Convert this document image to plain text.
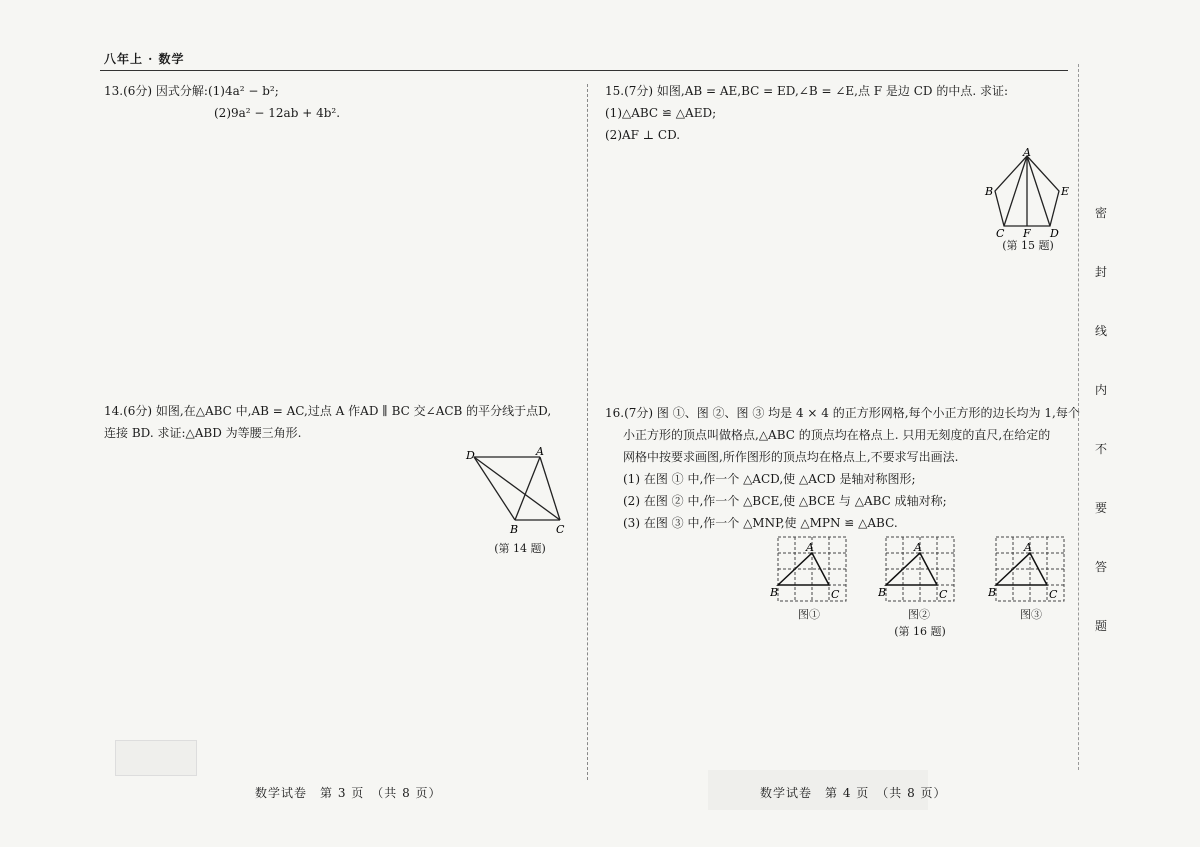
八年上 · 数学
密
封
线
内
不
要
答
题

13.(6分) 因式分解:(1)4a² − b²;

(2)9a² − 12ab + 4b².

14.(6分) 如图,在△ABC 中,AB = AC,过点 A 作AD ∥ BC 交∠ACB 的平分线于点D,

连接 BD. 求证:△ABD 为等腰三角形.

D	A
B	C
(第 14 题)

15.(7分) 如图,AB = AE,BC = ED,∠B = ∠E,点 F 是边 CD 的中点. 求证:

(1)△ABC ≌ △AED;

(2)AF ⊥ CD.

A
B	E
C F D
(第 15 题)

16.(7分) 图 ①、图 ②、图 ③ 均是 4 × 4 的正方形网格,每个小正方形的边长均为 1,每个

小正方形的顶点叫做格点,△ABC 的顶点均在格点上. 只用无刻度的直尺,在给定的

网格中按要求画图,所作图形的顶点均在格点上,不要求写出画法.

(1) 在图 ① 中,作一个 △ACD,使 △ACD 是轴对称图形;

(2) 在图 ② 中,作一个 △BCE,使 △BCE 与 △ABC 成轴对称;

(3) 在图 ③ 中,作一个 △MNP,使 △MPN ≌ △ABC.

A
B	C
图①
A
B	C
图②
A
B	C
图③
(第 16 题)
数学试卷　第 3 页　（共 8 页）	数学试卷　第 4 页　（共 8 页）
